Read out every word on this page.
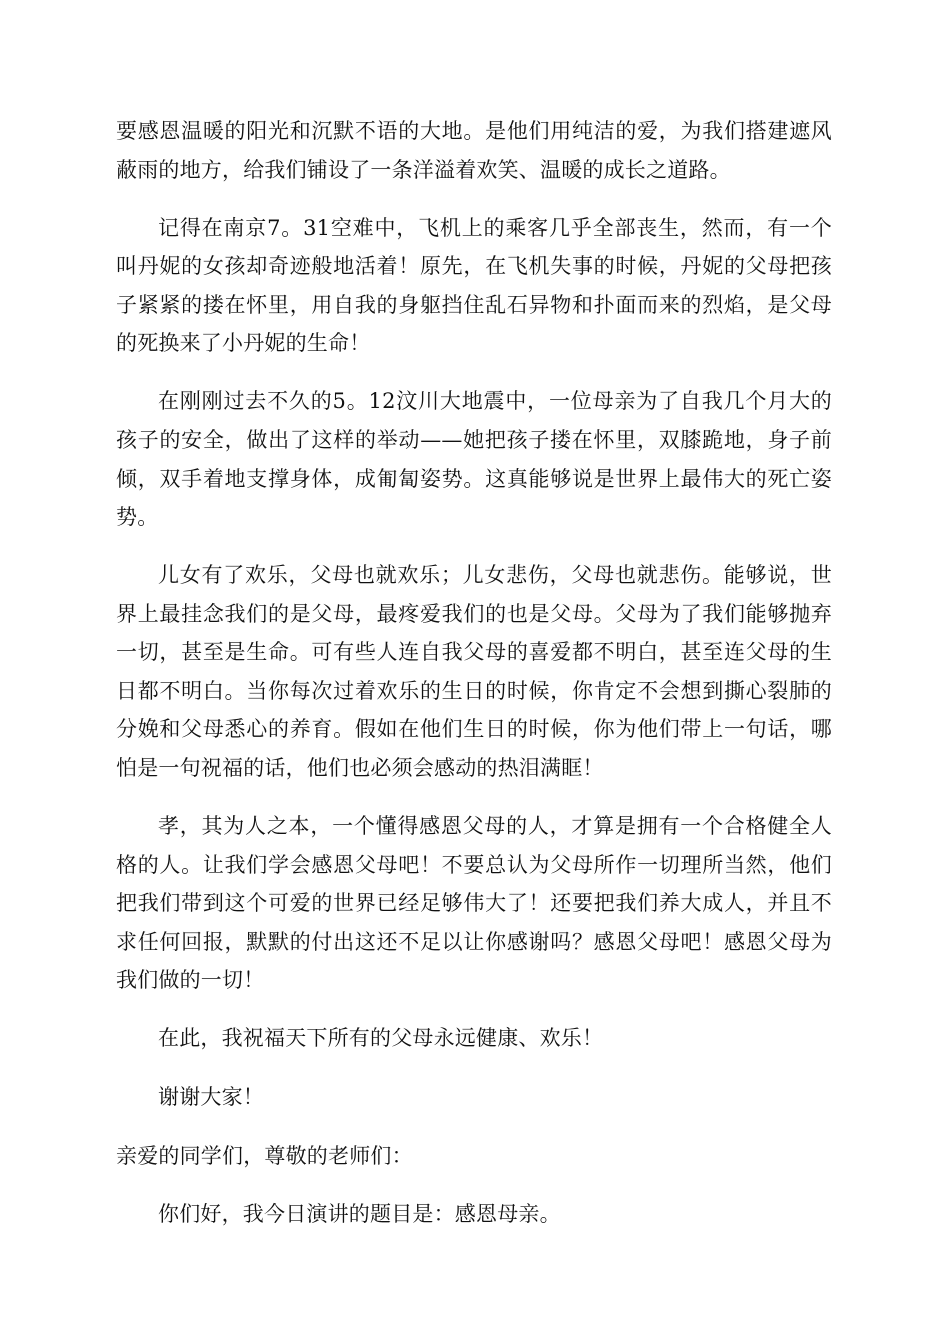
要感恩温暖的阳光和沉默不语的大地。是他们用纯洁的爱，为我们搭建遮风蔽雨的地方，给我们铺设了一条洋溢着欢笑、温暖的成长之道路。

记得在南京7。31空难中，飞机上的乘客几乎全部丧生，然而，有一个叫丹妮的女孩却奇迹般地活着！原先，在飞机失事的时候，丹妮的父母把孩子紧紧的搂在怀里，用自我的身躯挡住乱石异物和扑面而来的烈焰，是父母的死换来了小丹妮的生命！

在刚刚过去不久的5。12汶川大地震中，一位母亲为了自我几个月大的孩子的安全，做出了这样的举动——她把孩子搂在怀里，双膝跪地，身子前倾，双手着地支撑身体，成匍匐姿势。这真能够说是世界上最伟大的死亡姿势。

儿女有了欢乐，父母也就欢乐；儿女悲伤，父母也就悲伤。能够说，世界上最挂念我们的是父母，最疼爱我们的也是父母。父母为了我们能够抛弃一切，甚至是生命。可有些人连自我父母的喜爱都不明白，甚至连父母的生日都不明白。当你每次过着欢乐的生日的时候，你肯定不会想到撕心裂肺的分娩和父母悉心的养育。假如在他们生日的时候，你为他们带上一句话，哪怕是一句祝福的话，他们也必须会感动的热泪满眶！

孝，其为人之本，一个懂得感恩父母的人，才算是拥有一个合格健全人格的人。让我们学会感恩父母吧！不要总认为父母所作一切理所当然，他们把我们带到这个可爱的世界已经足够伟大了！还要把我们养大成人，并且不求任何回报，默默的付出这还不足以让你感谢吗？感恩父母吧！感恩父母为我们做的一切！

在此，我祝福天下所有的父母永远健康、欢乐！

谢谢大家！

亲爱的同学们，尊敬的老师们：

你们好，我今日演讲的题目是：感恩母亲。
